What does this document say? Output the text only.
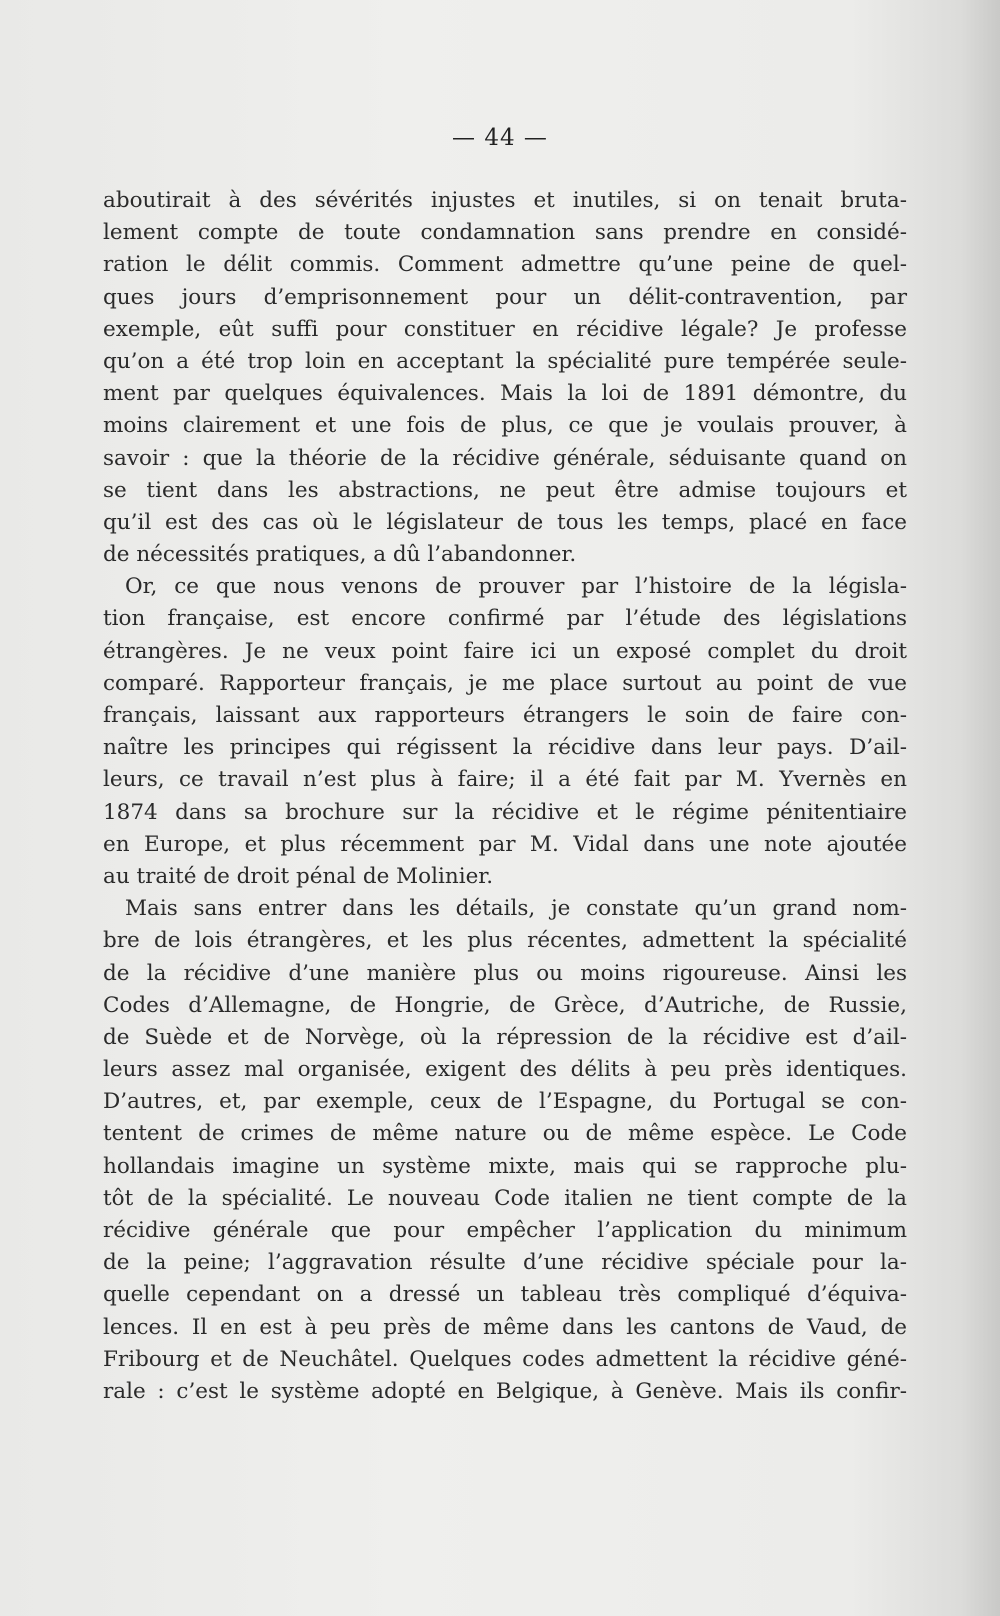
— 44 —
aboutirait à des sévérités injustes et inutiles, si on tenait bruta-
lement compte de toute condamnation sans prendre en considé-
ration le délit commis. Comment admettre qu’une peine de quel-
ques jours d’emprisonnement pour un délit-contravention, par
exemple, eût suffi pour constituer en récidive légale? Je professe
qu’on a été trop loin en acceptant la spécialité pure tempérée seule-
ment par quelques équivalences. Mais la loi de 1891 démontre, du
moins clairement et une fois de plus, ce que je voulais prouver, à
savoir : que la théorie de la récidive générale, séduisante quand on
se tient dans les abstractions, ne peut être admise toujours et
qu’il est des cas où le législateur de tous les temps, placé en face
de nécessités pratiques, a dû l’abandonner.
Or, ce que nous venons de prouver par l’histoire de la législa-
tion française, est encore confirmé par l’étude des législations
étrangères. Je ne veux point faire ici un exposé complet du droit
comparé. Rapporteur français, je me place surtout au point de vue
français, laissant aux rapporteurs étrangers le soin de faire con-
naître les principes qui régissent la récidive dans leur pays. D’ail-
leurs, ce travail n’est plus à faire; il a été fait par M. Yvernès en
1874 dans sa brochure sur la récidive et le régime pénitentiaire
en Europe, et plus récemment par M. Vidal dans une note ajoutée
au traité de droit pénal de Molinier.
Mais sans entrer dans les détails, je constate qu’un grand nom-
bre de lois étrangères, et les plus récentes, admettent la spécialité
de la récidive d’une manière plus ou moins rigoureuse. Ainsi les
Codes d’Allemagne, de Hongrie, de Grèce, d’Autriche, de Russie,
de Suède et de Norvège, où la répression de la récidive est d’ail-
leurs assez mal organisée, exigent des délits à peu près identiques.
D’autres, et, par exemple, ceux de l’Espagne, du Portugal se con-
tentent de crimes de même nature ou de même espèce. Le Code
hollandais imagine un système mixte, mais qui se rapproche plu-
tôt de la spécialité. Le nouveau Code italien ne tient compte de la
récidive générale que pour empêcher l’application du minimum
de la peine; l’aggravation résulte d’une récidive spéciale pour la-
quelle cependant on a dressé un tableau très compliqué d’équiva-
lences. Il en est à peu près de même dans les cantons de Vaud, de
Fribourg et de Neuchâtel. Quelques codes admettent la récidive géné-
rale : c’est le système adopté en Belgique, à Genève. Mais ils confir-
